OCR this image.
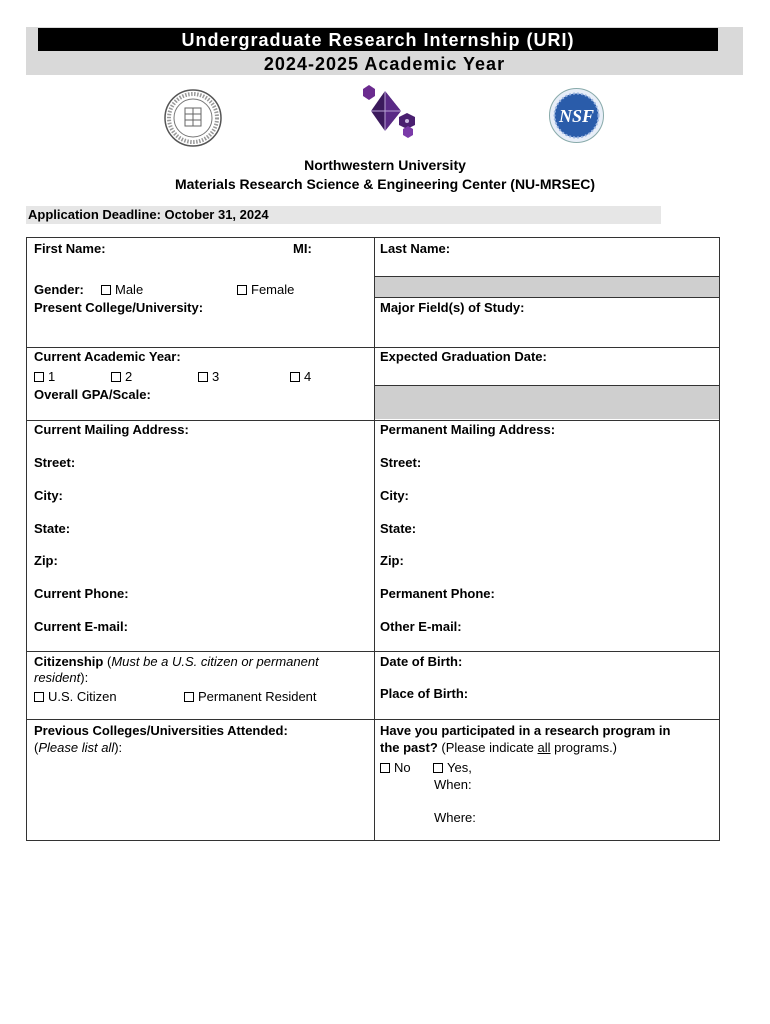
Undergraduate Research Internship (URI)
2024-2025 Academic Year
NSF
Northwestern University
Materials Research Science & Engineering Center (NU-MRSEC)
Application Deadline: October 31, 2024
First Name:	MI:	Last Name:
Gender:	Male	Female
Present College/University:	Major Field(s) of Study:
Current Academic Year:
1	2	3	4
Expected Graduation Date:
Overall GPA/Scale:
Current Mailing Address:	Permanent Mailing Address:
Street:	Street:
City:	City:
State:	State:
Zip:	Zip:
Current Phone:	Permanent Phone:
Current E-mail:	Other E-mail:
Citizenship (Must be a U.S. citizen or permanent
resident):
U.S. Citizen	Permanent Resident
Date of Birth:
Place of Birth:
Previous Colleges/Universities Attended:
(Please list all):
Have you participated in a research program in
the past? (Please indicate all programs.)
No	Yes,
When:
Where:
